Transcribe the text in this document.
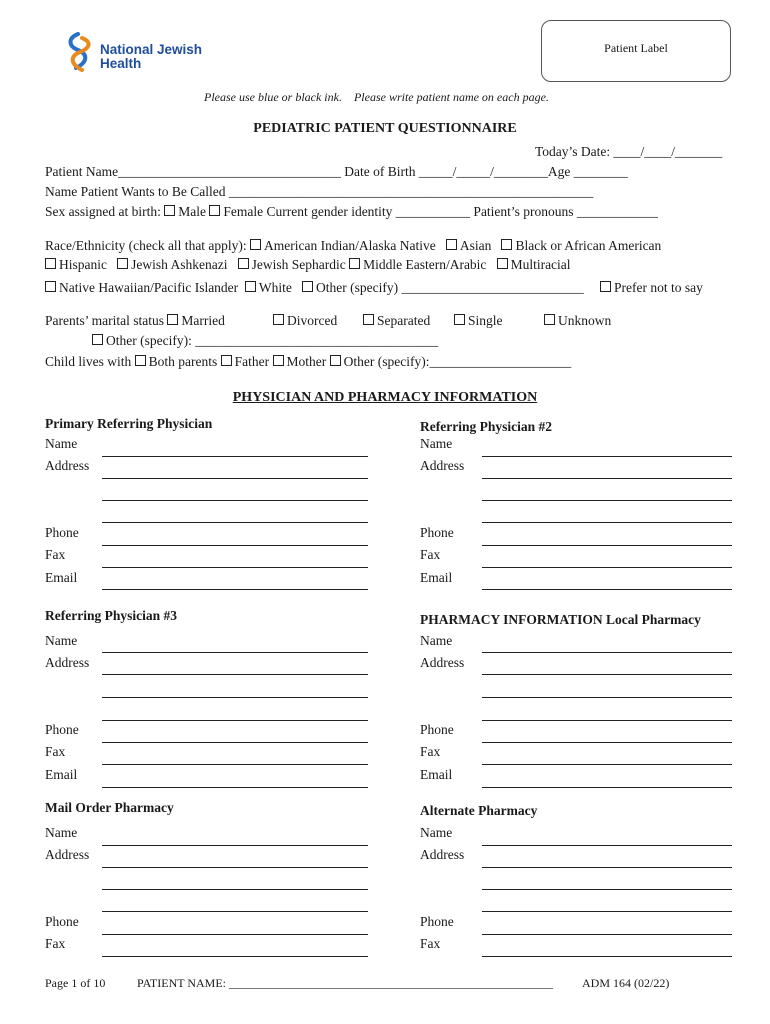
National Jewish
Health
Patient Label
Please use blue or black ink.    Please write patient name on each page.
PEDIATRIC PATIENT QUESTIONNAIRE
Today’s Date: ____/____/_______
Patient Name_________________________________ Date of Birth _____/_____/________Age ________
Name Patient Wants to Be Called ______________________________________________________
Sex assigned at birth: Male Female Current gender identity ___________ Patient’s pronouns ____________
Race/Ethnicity (check all that apply): American Indian/Alaska Native Asian Black or African American
Hispanic Jewish Ashkenazi Jewish Sephardic Middle Eastern/Arabic Multiracial
Native Hawaiian/Pacific Islander White Other (specify) ___________________________	Prefer not to say
Parents’ marital status Married	Divorced	Separated	Single	Unknown
Other (specify): ____________________________________
Child lives with Both parents Father Mother Other (specify):_____________________
PHYSICIAN AND PHARMACY INFORMATION
Primary Referring Physician
Name
Address
Phone
Fax
Email
Referring Physician #2
Name
Address
Phone
Fax
Email
Referring Physician #3
Name
Address
Phone
Fax
Email
PHARMACY INFORMATION Local Pharmacy
Name
Address
Phone
Fax
Email
Mail Order Pharmacy
Name
Address
Phone
Fax
Alternate Pharmacy
Name
Address
Phone
Fax
Page 1 of 10	PATIENT NAME: ______________________________________________________ ADM 164 (02/22)
